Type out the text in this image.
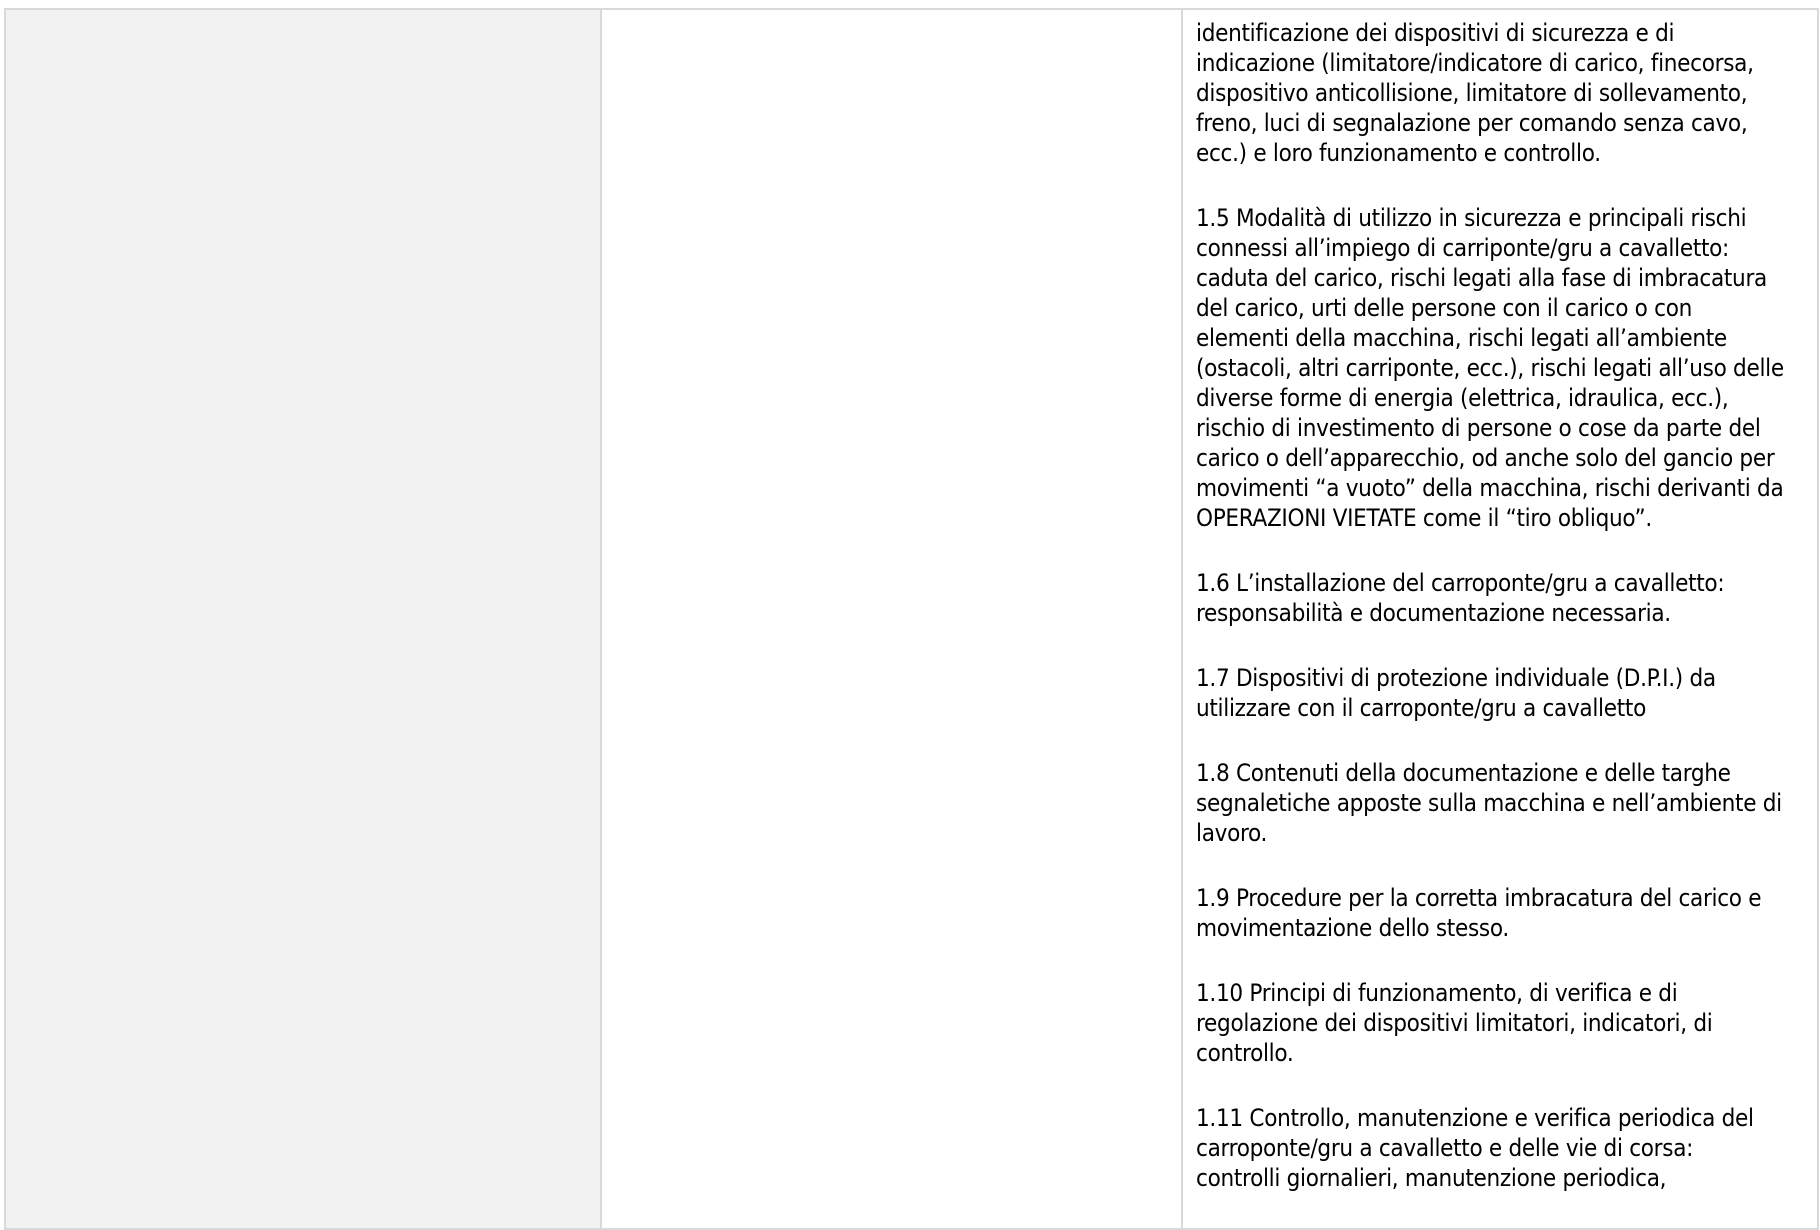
identificazione dei dispositivi di sicurezza e di
indicazione (limitatore/indicatore di carico, finecorsa,
dispositivo anticollisione, limitatore di sollevamento,
freno, luci di segnalazione per comando senza cavo,
ecc.) e loro funzionamento e controllo.
1.5 Modalità di utilizzo in sicurezza e principali rischi
connessi all’impiego di carriponte/gru a cavalletto:
caduta del carico, rischi legati alla fase di imbracatura
del carico, urti delle persone con il carico o con
elementi della macchina, rischi legati all’ambiente
(ostacoli, altri carriponte, ecc.), rischi legati all’uso delle
diverse forme di energia (elettrica, idraulica, ecc.),
rischio di investimento di persone o cose da parte del
carico o dell’apparecchio, od anche solo del gancio per
movimenti “a vuoto” della macchina, rischi derivanti da
OPERAZIONI VIETATE come il “tiro obliquo”.
1.6 L’installazione del carroponte/gru a cavalletto:
responsabilità e documentazione necessaria.
1.7 Dispositivi di protezione individuale (D.P.I.) da
utilizzare con il carroponte/gru a cavalletto
1.8 Contenuti della documentazione e delle targhe
segnaletiche apposte sulla macchina e nell’ambiente di
lavoro.
1.9 Procedure per la corretta imbracatura del carico e
movimentazione dello stesso.
1.10 Principi di funzionamento, di verifica e di
regolazione dei dispositivi limitatori, indicatori, di
controllo.
1.11 Controllo, manutenzione e verifica periodica del
carroponte/gru a cavalletto e delle vie di corsa:
controlli giornalieri, manutenzione periodica,
